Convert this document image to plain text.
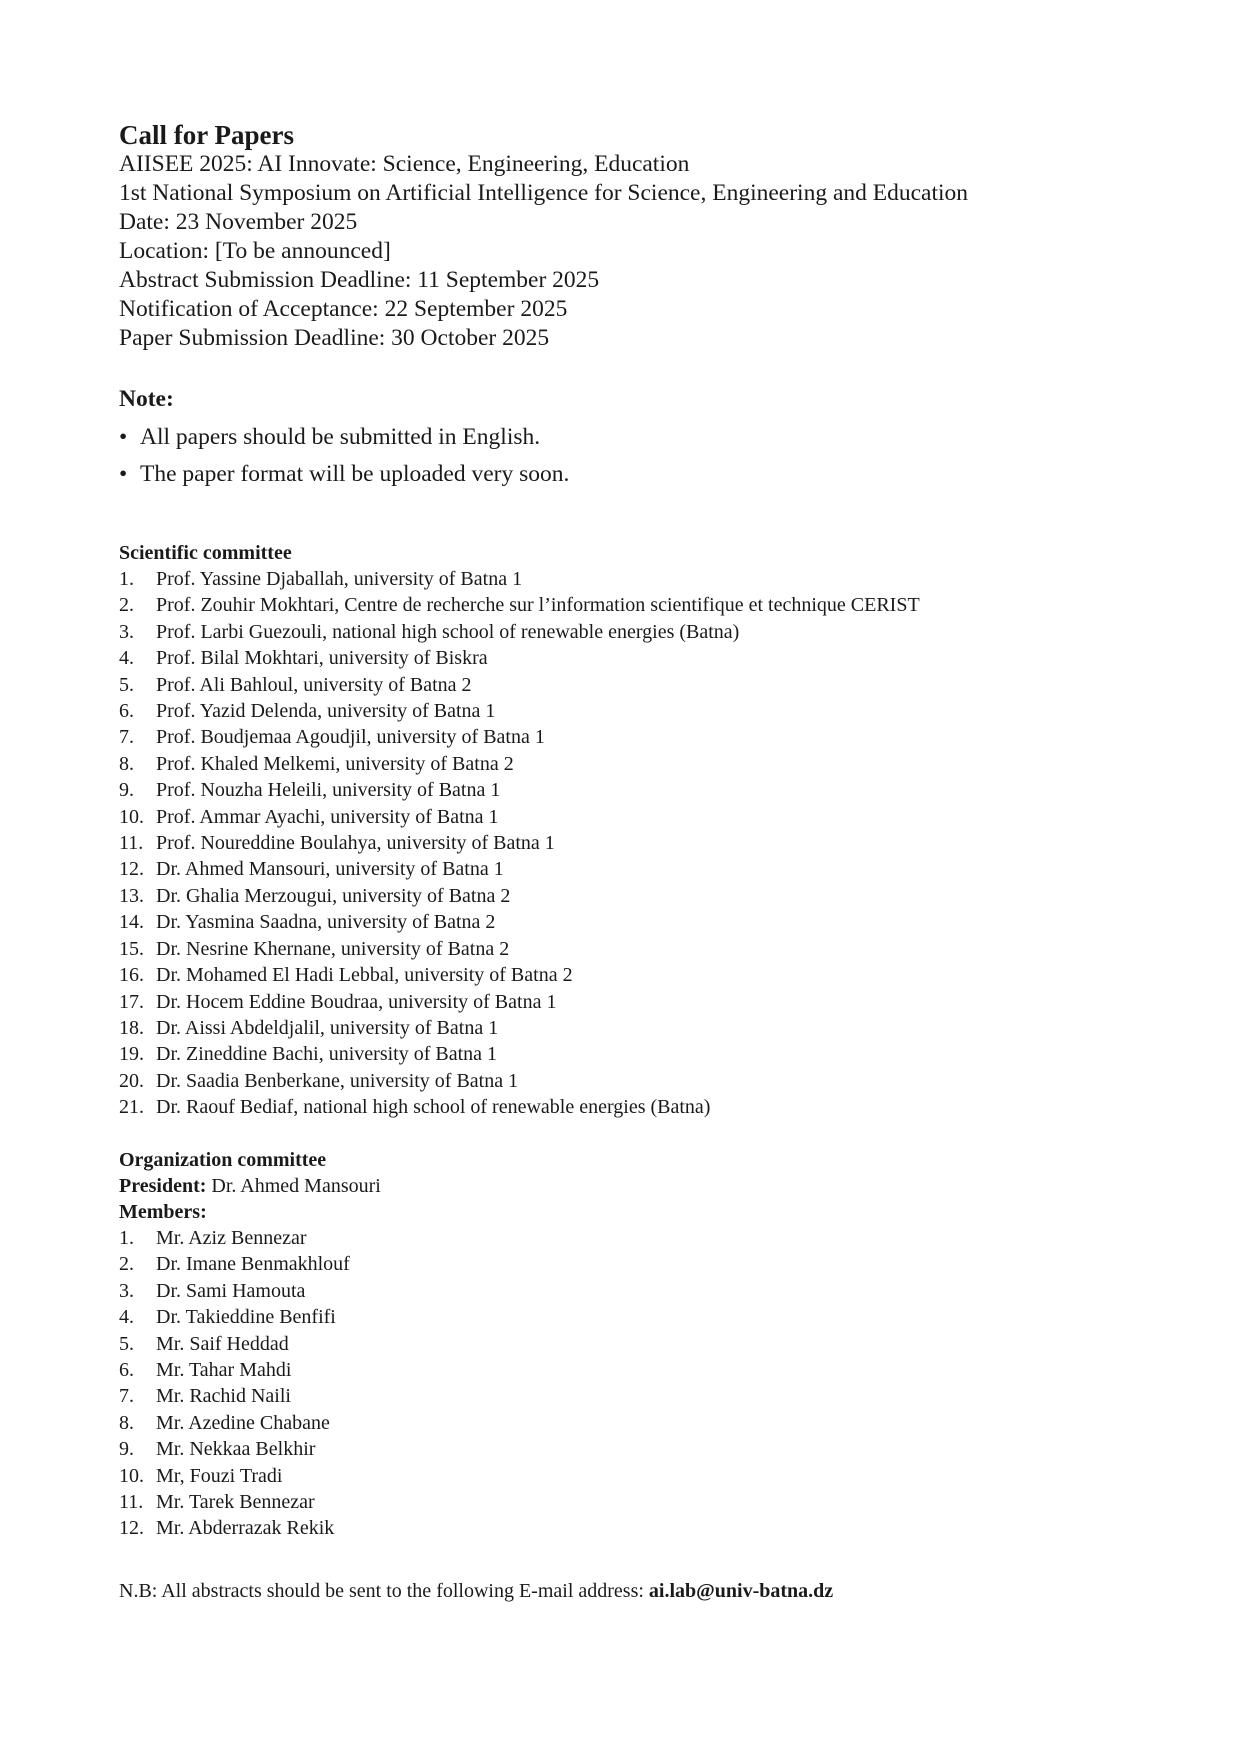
Call for Papers
AIISEE 2025: AI Innovate: Science, Engineering, Education
1st National Symposium on Artificial Intelligence for Science, Engineering and Education
Date: 23 November 2025
Location: [To be announced]
Abstract Submission Deadline: 11 September 2025
Notification of Acceptance: 22 September 2025
Paper Submission Deadline: 30 October 2025
Note:
• All papers should be submitted in English.
• The paper format will be uploaded very soon.
Scientific committee
1. Prof. Yassine Djaballah, university of Batna 1
2. Prof. Zouhir Mokhtari, Centre de recherche sur l’information scientifique et technique CERIST
3. Prof. Larbi Guezouli, national high school of renewable energies (Batna)
4. Prof. Bilal Mokhtari, university of Biskra
5. Prof. Ali Bahloul, university of Batna 2
6. Prof. Yazid Delenda, university of Batna 1
7. Prof. Boudjemaa Agoudjil, university of Batna 1
8. Prof. Khaled Melkemi, university of Batna 2
9. Prof. Nouzha Heleili, university of Batna 1
10. Prof. Ammar Ayachi, university of Batna 1
11. Prof. Noureddine Boulahya, university of Batna 1
12. Dr. Ahmed Mansouri, university of Batna 1
13. Dr. Ghalia Merzougui, university of Batna 2
14. Dr. Yasmina Saadna, university of Batna 2
15. Dr. Nesrine Khernane, university of Batna 2
16. Dr. Mohamed El Hadi Lebbal, university of Batna 2
17. Dr. Hocem Eddine Boudraa, university of Batna 1
18. Dr. Aissi Abdeldjalil, university of Batna 1
19. Dr. Zineddine Bachi, university of Batna 1
20. Dr. Saadia Benberkane, university of Batna 1
21. Dr. Raouf Bediaf, national high school of renewable energies (Batna)
Organization committee

President: Dr. Ahmed Mansouri

Members:

1. Mr. Aziz Bennezar
2. Dr. Imane Benmakhlouf
3. Dr. Sami Hamouta
4. Dr. Takieddine Benfifi
5. Mr. Saif Heddad
6. Mr. Tahar Mahdi
7. Mr. Rachid Naili
8. Mr. Azedine Chabane
9. Mr. Nekkaa Belkhir
10. Mr, Fouzi Tradi
11. Mr. Tarek Bennezar
12. Mr. Abderrazak Rekik

N.B: All abstracts should be sent to the following E-mail address: ai.lab@univ-batna.dz
